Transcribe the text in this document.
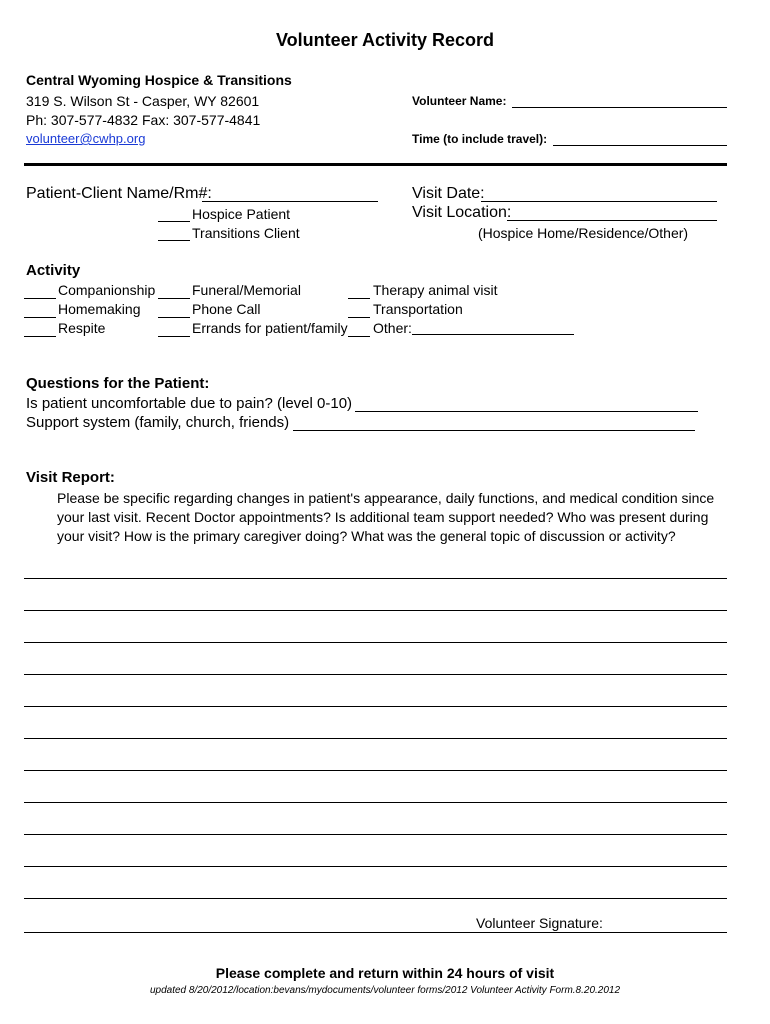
Volunteer Activity Record
Central Wyoming Hospice & Transitions
319 S. Wilson St - Casper, WY 82601
Ph: 307-577-4832 Fax: 307-577-4841
volunteer@cwhp.org
Volunteer Name:
Time (to include travel):
Patient-Client Name/Rm#:
Hospice Patient
Transitions Client
Visit Date:
Visit Location:
(Hospice Home/Residence/Other)
Activity
Companionship
Homemaking
Respite
Funeral/Memorial
Phone Call
Errands for patient/family
Therapy animal visit
Transportation
Other:
Questions for the Patient:
Is patient uncomfortable due to pain? (level 0-10)
Support system (family, church, friends)
Visit Report:
Please be specific regarding changes in patient's appearance, daily functions, and medical condition since your last visit. Recent Doctor appointments? Is additional team support needed? Who was present during your visit? How is the primary caregiver doing? What was the general topic of discussion or activity?
Volunteer Signature:
Please complete and return within 24 hours of visit
updated 8/20/2012/location:bevans/mydocuments/volunteer forms/2012 Volunteer Activity Form.8.20.2012
